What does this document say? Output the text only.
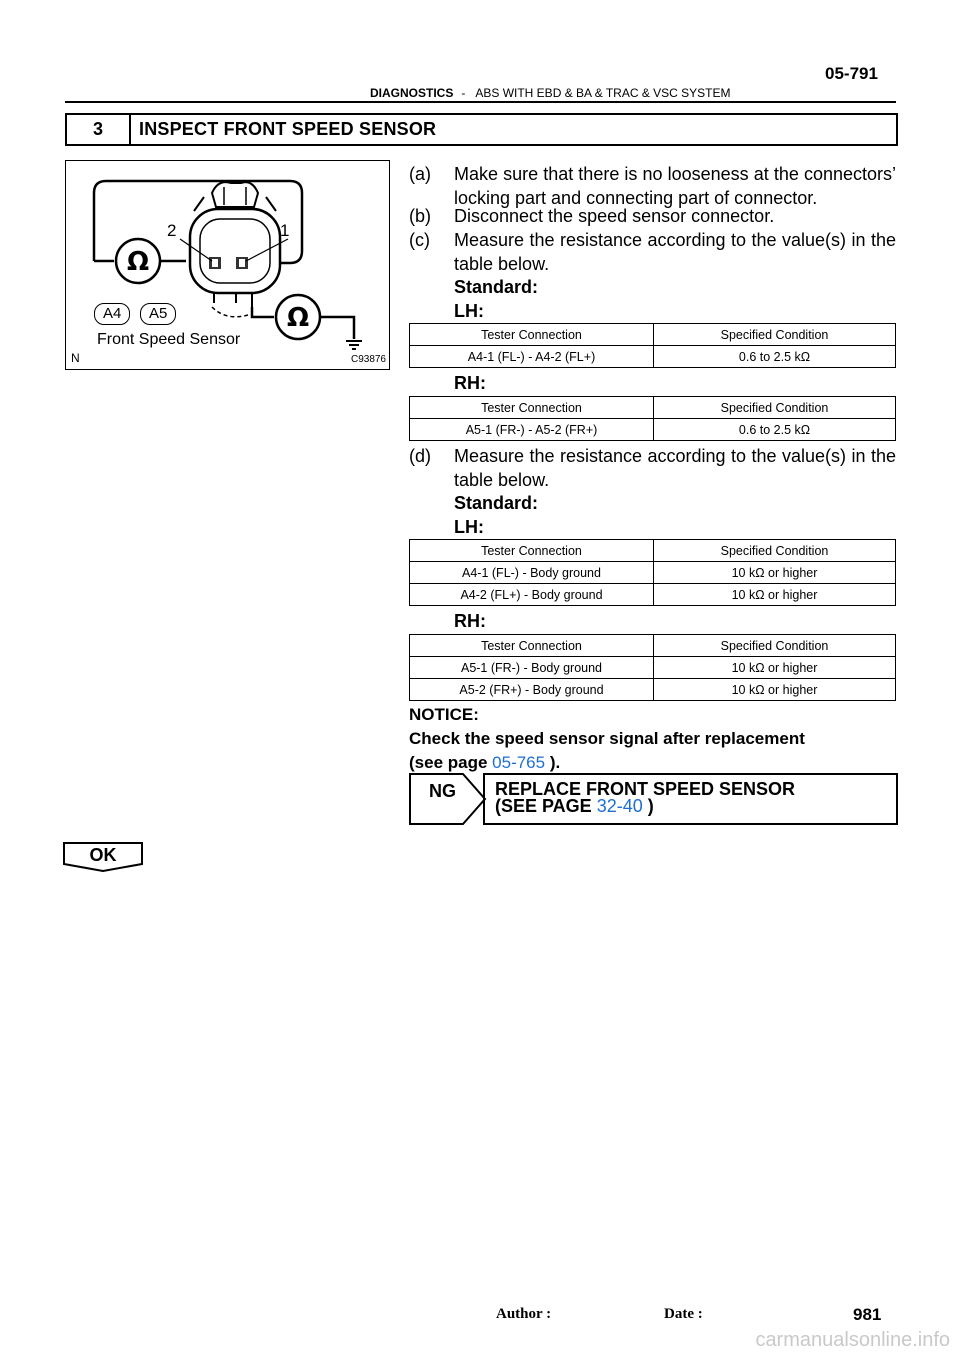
05-791
DIAGNOSTICS - ABS WITH EBD & BA & TRAC & VSC SYSTEM
3	INSPECT FRONT SPEED SENSOR
Ω
Ω
2	1
A4	A5
Front Speed Sensor
N	C93876
(a)	Make sure that there is no looseness at the connectors’ locking part and connecting part of connector.
(b)	Disconnect the speed sensor connector.
(c)	Measure the resistance according to the value(s) in the table below.
Standard:
LH:
Tester Connection	Specified Condition
A4-1 (FL-) - A4-2 (FL+)	0.6 to 2.5 kΩ
RH:
Tester Connection	Specified Condition
A5-1 (FR-) - A5-2 (FR+)	0.6 to 2.5 kΩ
(d)	Measure the resistance according to the value(s) in the table below.
Standard:
LH:
Tester Connection	Specified Condition
A4-1 (FL-) - Body ground	10 kΩ or higher
A4-2 (FL+) - Body ground	10 kΩ or higher
RH:
Tester Connection	Specified Condition
A5-1 (FR-) - Body ground	10 kΩ or higher
A5-2 (FR+) - Body ground	10 kΩ or higher
NOTICE:
Check the speed sensor signal after replacement
(see page 05-765 ).
NG REPLACE FRONT SPEED SENSOR
(SEE PAGE 32-40 )
OK
Author :	Date :	981
carmanualsonline.info
